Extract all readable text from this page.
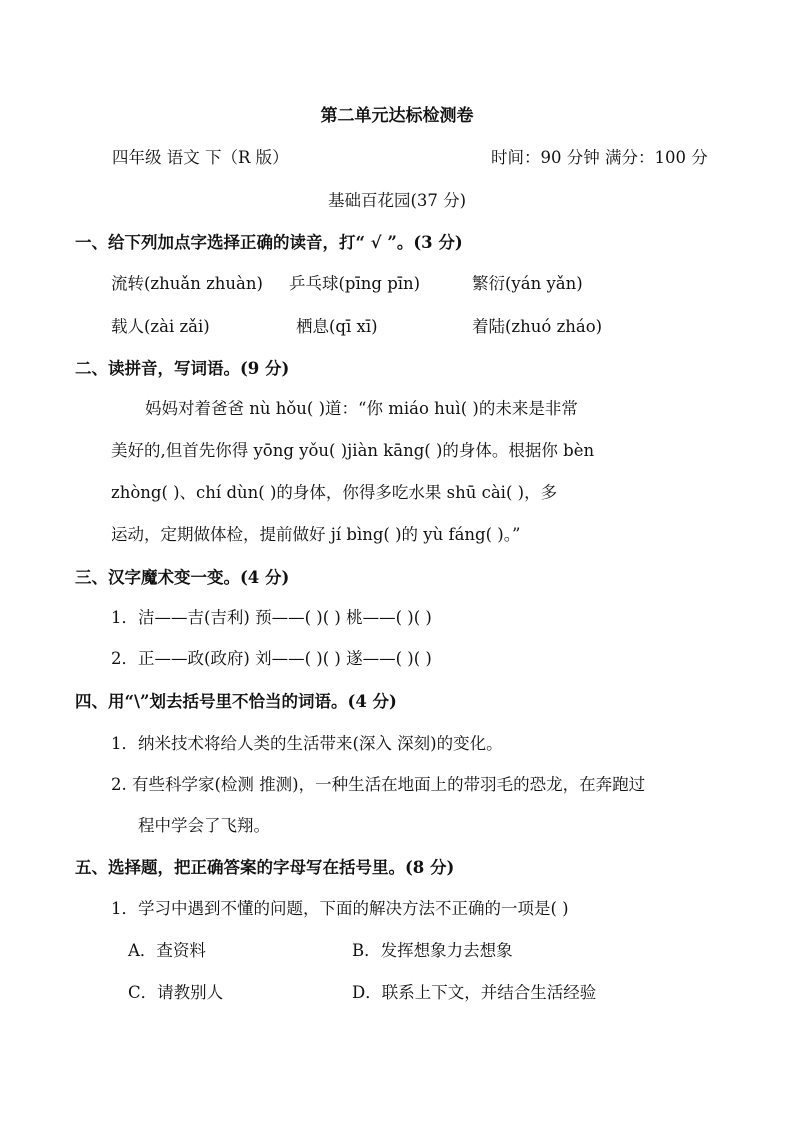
第二单元达标检测卷
四年级 语文 下（R 版）	时间：90 分钟 满分：100 分
基础百花园(37 分)
一、给下列加点字选择正确的读音，打“ √ ”。(3 分)
流转(zhuǎn zhuàn) 乒乓球(pīng pīn)	繁衍(yán yǎn)
载人(zài zǎi)	栖息(qī xī)	着陆(zhuó zháo)
二、读拼音，写词语。(9 分)
妈妈对着爸爸 nù hǒu( )道：“你 miáo huì( )的未来是非常
美好的,但首先你得 yōng yǒu( )jiàn kāng( )的身体。根据你 bèn
zhòng( )、chí dùn( )的身体，你得多吃水果 shū cài( )，多
运动，定期做体检，提前做好 jí bìng( )的 yù fáng( )。”
三、汉字魔术变一变。(4 分)
1．洁——吉(吉利) 预——( )( ) 桃——( )( )
2．正——政(政府) 刘——( )( ) 遂——( )( )
四、用“\”划去括号里不恰当的词语。(4 分)
1．纳米技术将给人类的生活带来(深入 深刻)的变化。
2. 有些科学家(检测 推测)，一种生活在地面上的带羽毛的恐龙，在奔跑过
程中学会了飞翔。
五、选择题，把正确答案的字母写在括号里。(8 分)
1．学习中遇到不懂的问题，下面的解决方法不正确的一项是( )
A．查资料	B．发挥想象力去想象
C．请教别人	D．联系上下文，并结合生活经验
